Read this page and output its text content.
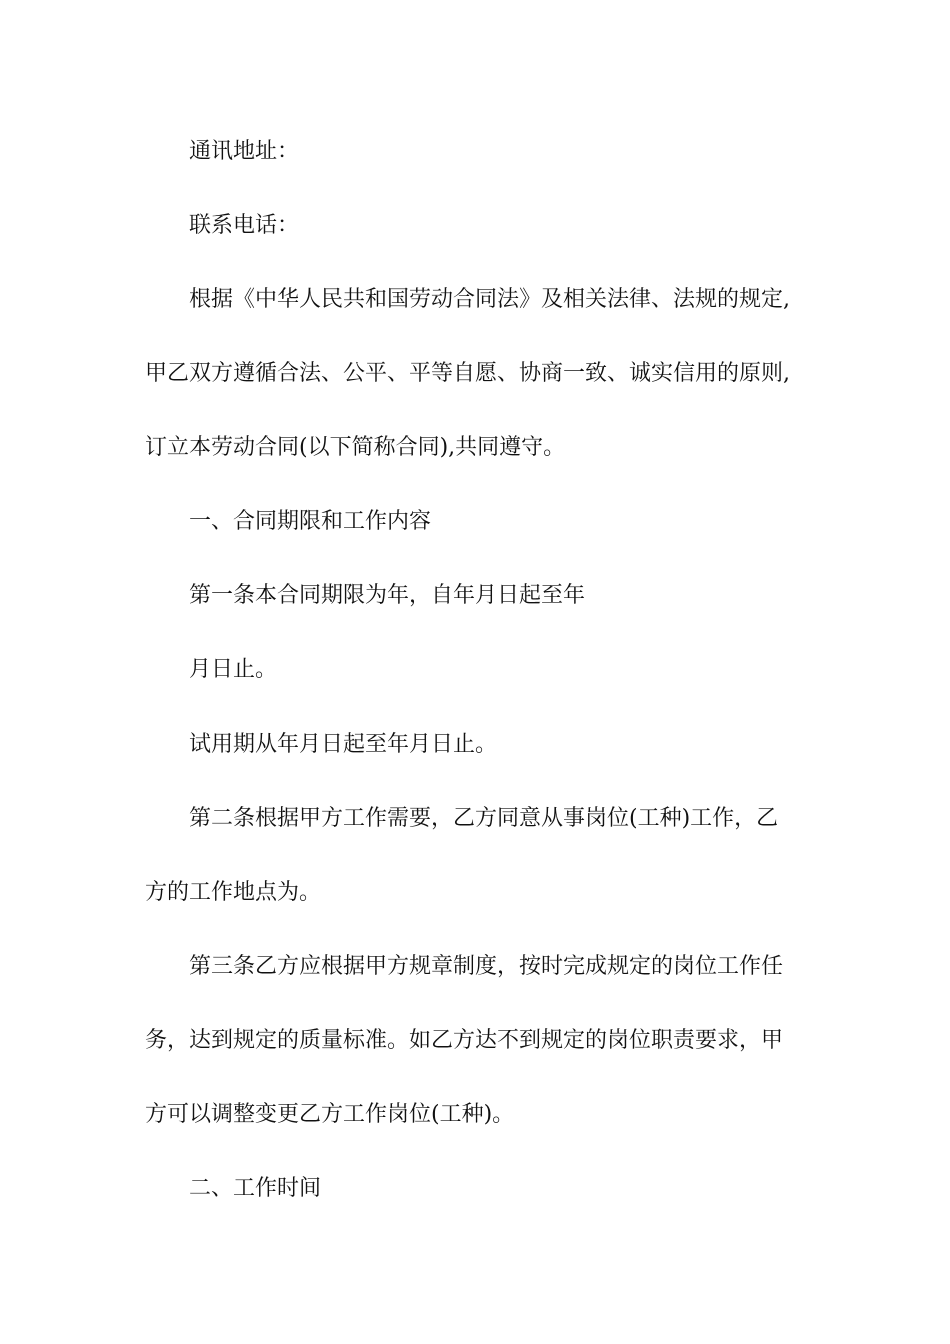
通讯地址：
联系电话：
根据《中华人民共和国劳动合同法》及相关法律、法规的规定,
甲乙双方遵循合法、公平、平等自愿、协商一致、诚实信用的原则,
订立本劳动合同(以下简称合同),共同遵守。
一、合同期限和工作内容
第一条本合同期限为年，自年月日起至年
月日止。
试用期从年月日起至年月日止。
第二条根据甲方工作需要，乙方同意从事岗位(工种)工作，乙
方的工作地点为。
第三条乙方应根据甲方规章制度，按时完成规定的岗位工作任
务，达到规定的质量标准。如乙方达不到规定的岗位职责要求，甲
方可以调整变更乙方工作岗位(工种)。
二、工作时间
